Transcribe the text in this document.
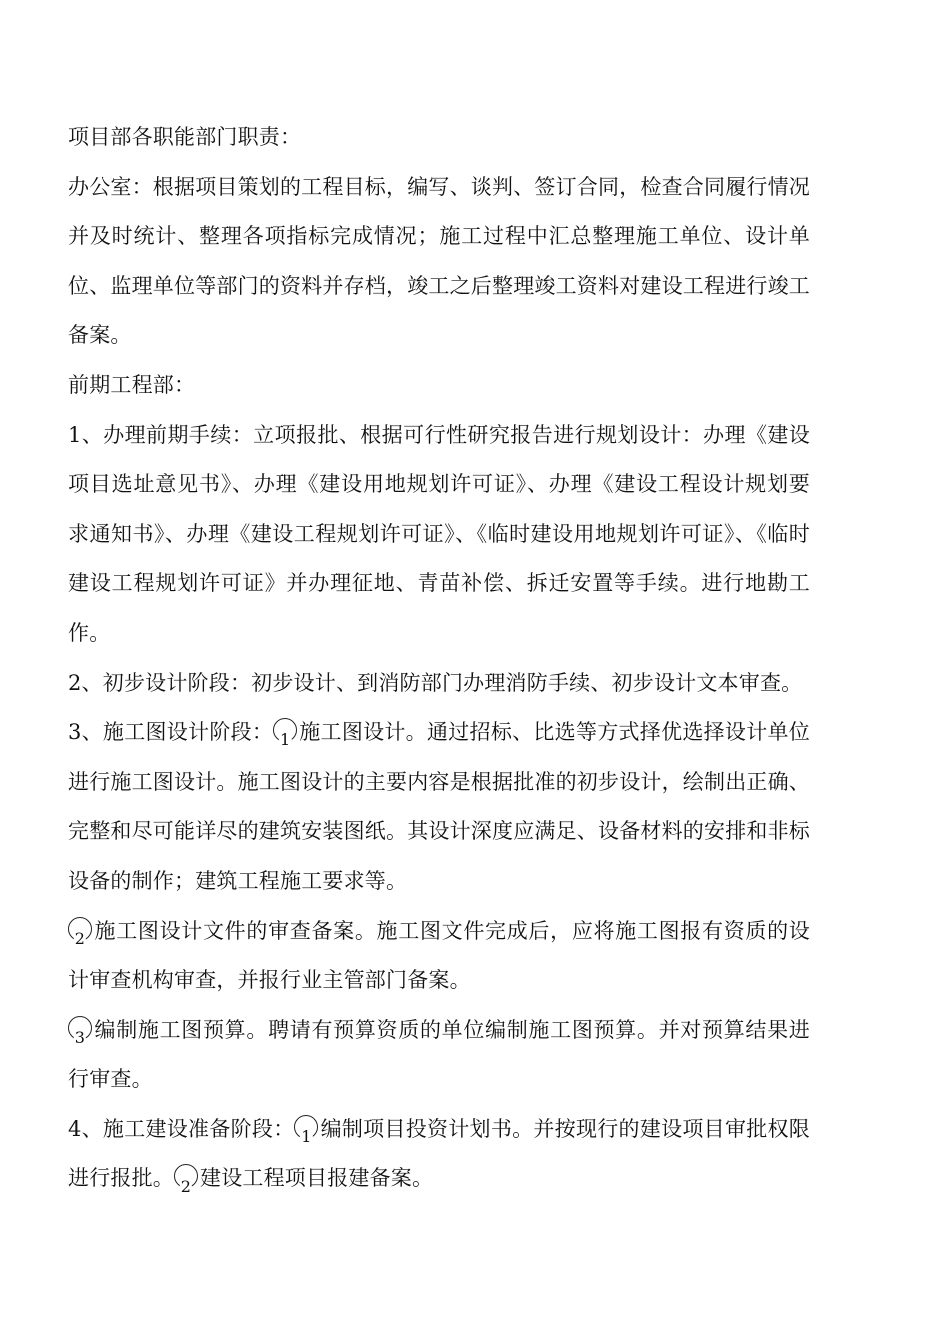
项目部各职能部门职责：

办公室：根据项目策划的工程目标，编写、谈判、签订合同，检查合同履行情况并及时统计、整理各项指标完成情况；施工过程中汇总整理施工单位、设计单位、监理单位等部门的资料并存档，竣工之后整理竣工资料对建设工程进行竣工备案。

前期工程部：

1、办理前期手续：立项报批、根据可行性研究报告进行规划设计：办理《建设项目选址意见书》、办理《建设用地规划许可证》、办理《建设工程设计规划要求通知书》、办理《建设工程规划许可证》、《临时建设用地规划许可证》、《临时建设工程规划许可证》并办理征地、青苗补偿、拆迁安置等手续。进行地勘工作。

2、初步设计阶段：初步设计、到消防部门办理消防手续、初步设计文本审查。

3、施工图设计阶段： 1 施工图设计。通过招标、比选等方式择优选择设计单位进行施工图设计。施工图设计的主要内容是根据批准的初步设计，绘制出正确、完整和尽可能详尽的建筑安装图纸。其设计深度应满足、设备材料的安排和非标设备的制作；建筑工程施工要求等。

2 施工图设计文件的审查备案。施工图文件完成后，应将施工图报有资质的设计审查机构审查，并报行业主管部门备案。

3 编制施工图预算。聘请有预算资质的单位编制施工图预算。并对预算结果进行审查。

4、施工建设准备阶段： 1 编制项目投资计划书。并按现行的建设项目审批权限进行报批。 2 建设工程项目报建备案。
